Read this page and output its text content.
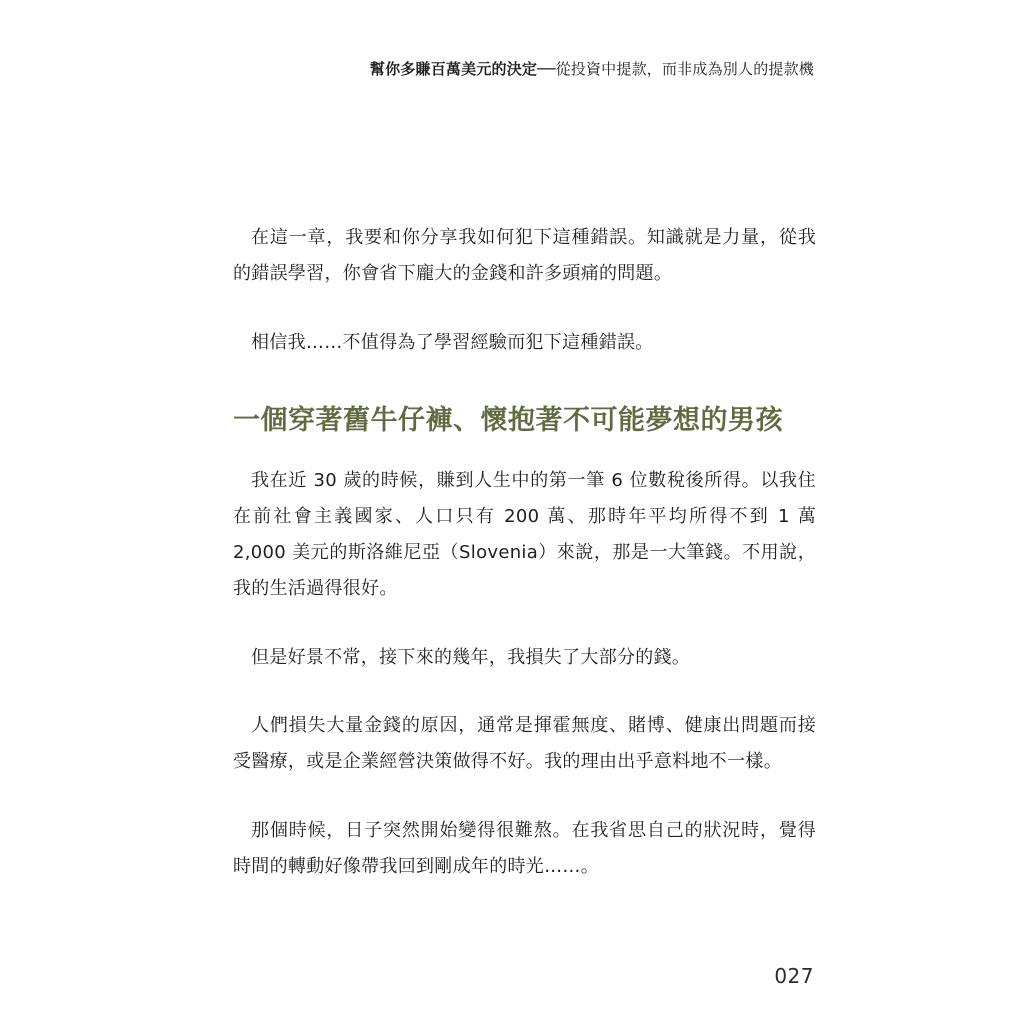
幫你多賺百萬美元的決定──從投資中提款，而非成為別人的提款機

在這一章，我要和你分享我如何犯下這種錯誤。知識就是力量，從我的錯誤學習，你會省下龐大的金錢和許多頭痛的問題。

相信我……不值得為了學習經驗而犯下這種錯誤。

一個穿著舊牛仔褲、懷抱著不可能夢想的男孩

我在近 30 歲的時候，賺到人生中的第一筆 6 位數稅後所得。以我住在前社會主義國家、人口只有 200 萬、那時年平均所得不到 1 萬 2,000 美元的斯洛維尼亞（Slovenia）來說，那是一大筆錢。不用說，我的生活過得很好。

但是好景不常，接下來的幾年，我損失了大部分的錢。

人們損失大量金錢的原因，通常是揮霍無度、賭博、健康出問題而接受醫療，或是企業經營決策做得不好。我的理由出乎意料地不一樣。

那個時候，日子突然開始變得很難熬。在我省思自己的狀況時，覺得時間的轉動好像帶我回到剛成年的時光……。

027
